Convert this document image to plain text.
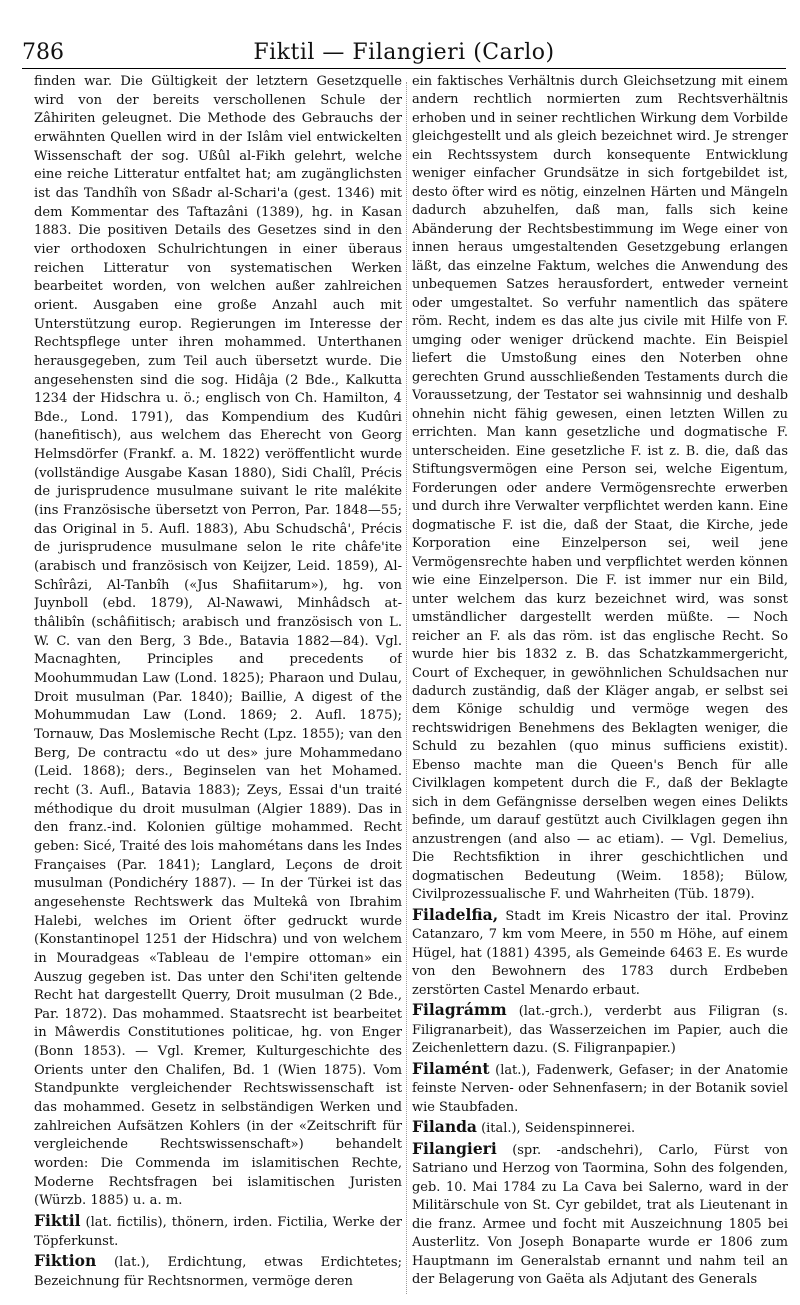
786	Fiktil — Filangieri (Carlo)

finden war. Die Gültigkeit der letztern Gesetzquelle wird von der bereits verschollenen Schule der Zâhiriten geleugnet. Die Methode des Gebrauchs der erwähnten Quellen wird in der Islâm viel entwickelten Wissenschaft der sog. Ußûl al-Fikh gelehrt, welche eine reiche Litteratur entfaltet hat; am zugänglichsten ist das Tandhîh von Sßadr al-Schari'a (gest. 1346) mit dem Kommentar des Taftazâni (1389), hg. in Kasan 1883. Die positiven Details des Gesetzes sind in den vier orthodoxen Schulrichtungen in einer überaus reichen Litteratur von systematischen Werken bearbeitet worden, von welchen außer zahlreichen orient. Ausgaben eine große Anzahl auch mit Unterstützung europ. Regierungen im Interesse der Rechtspflege unter ihren mohammed. Unterthanen herausgegeben, zum Teil auch übersetzt wurde. Die angesehensten sind die sog. Hidâja (2 Bde., Kalkutta 1234 der Hidschra u. ö.; englisch von Ch. Hamilton, 4 Bde., Lond. 1791), das Kompendium des Kudûri (hanefitisch), aus welchem das Eherecht von Georg Helmsdörfer (Frankf. a. M. 1822) veröffentlicht wurde (vollständige Ausgabe Kasan 1880), Sidi Chalîl, Précis de jurisprudence musulmane suivant le rite malékite (ins Französische übersetzt von Perron, Par. 1848—55; das Original in 5. Aufl. 1883), Abu Schudschâ', Précis de jurisprudence musulmane selon le rite châfe'ite (arabisch und französisch von Keijzer, Leid. 1859), Al-Schîrâzi, Al-Tanbîh («Jus Shafiitarum»), hg. von Juynboll (ebd. 1879), Al-Nawawi, Minhâdsch at-thâlibîn (schâfiitisch; arabisch und französisch von L. W. C. van den Berg, 3 Bde., Batavia 1882—84). Vgl. Macnaghten, Principles and precedents of Moohummudan Law (Lond. 1825); Pharaon und Dulau, Droit musulman (Par. 1840); Baillie, A digest of the Mohummudan Law (Lond. 1869; 2. Aufl. 1875); Tornauw, Das Moslemische Recht (Lpz. 1855); van den Berg, De contractu «do ut des» jure Mohammedano (Leid. 1868); ders., Beginselen van het Mohamed. recht (3. Aufl., Batavia 1883); Zeys, Essai d'un traité méthodique du droit musulman (Algier 1889). Das in den franz.-ind. Kolonien gültige mohammed. Recht geben: Sicé, Traité des lois mahométans dans les Indes Françaises (Par. 1841); Langlard, Leçons de droit musulman (Pondichéry 1887). — In der Türkei ist das angesehenste Rechtswerk das Multekâ von Ibrahim Halebi, welches im Orient öfter gedruckt wurde (Konstantinopel 1251 der Hidschra) und von welchem in Mouradgeas «Tableau de l'empire ottoman» ein Auszug gegeben ist. Das unter den Schi'iten geltende Recht hat dargestellt Querry, Droit musulman (2 Bde., Par. 1872). Das mohammed. Staatsrecht ist bearbeitet in Mâwerdis Constitutiones politicae, hg. von Enger (Bonn 1853). — Vgl. Kremer, Kulturgeschichte des Orients unter den Chalifen, Bd. 1 (Wien 1875). Vom Standpunkte vergleichender Rechtswissenschaft ist das mohammed. Gesetz in selbständigen Werken und zahlreichen Aufsätzen Kohlers (in der «Zeitschrift für vergleichende Rechtswissenschaft») behandelt worden: Die Commenda im islamitischen Rechte, Moderne Rechtsfragen bei islamitischen Juristen (Würzb. 1885) u. a. m.

Fiktil (lat. fictilis), thönern, irden. Fictilia, Werke der Töpferkunst.

Fiktion (lat.), Erdichtung, etwas Erdichtetes; Bezeichnung für Rechtsnormen, vermöge deren

ein faktisches Verhältnis durch Gleichsetzung mit einem andern rechtlich normierten zum Rechtsverhältnis erhoben und in seiner rechtlichen Wirkung dem Vorbilde gleichgestellt und als gleich bezeichnet wird. Je strenger ein Rechtssystem durch konsequente Entwicklung weniger einfacher Grundsätze in sich fortgebildet ist, desto öfter wird es nötig, einzelnen Härten und Mängeln dadurch abzuhelfen, daß man, falls sich keine Abänderung der Rechtsbestimmung im Wege einer von innen heraus umgestaltenden Gesetzgebung erlangen läßt, das einzelne Faktum, welches die Anwendung des unbequemen Satzes herausfordert, entweder verneint oder umgestaltet. So verfuhr namentlich das spätere röm. Recht, indem es das alte jus civile mit Hilfe von F. umging oder weniger drückend machte. Ein Beispiel liefert die Umstoßung eines den Noterben ohne gerechten Grund ausschließenden Testaments durch die Voraussetzung, der Testator sei wahnsinnig und deshalb ohnehin nicht fähig gewesen, einen letzten Willen zu errichten. Man kann gesetzliche und dogmatische F. unterscheiden. Eine gesetzliche F. ist z. B. die, daß das Stiftungsvermögen eine Person sei, welche Eigentum, Forderungen oder andere Vermögensrechte erwerben und durch ihre Verwalter verpflichtet werden kann. Eine dogmatische F. ist die, daß der Staat, die Kirche, jede Korporation eine Einzelperson sei, weil jene Vermögensrechte haben und verpflichtet werden können wie eine Einzelperson. Die F. ist immer nur ein Bild, unter welchem das kurz bezeichnet wird, was sonst umständlicher dargestellt werden müßte. — Noch reicher an F. als das röm. ist das englische Recht. So wurde hier bis 1832 z. B. das Schatzkammergericht, Court of Exchequer, in gewöhnlichen Schuldsachen nur dadurch zuständig, daß der Kläger angab, er selbst sei dem Könige schuldig und vermöge wegen des rechtswidrigen Benehmens des Beklagten weniger, die Schuld zu bezahlen (quo minus sufficiens existit). Ebenso machte man die Queen's Bench für alle Civilklagen kompetent durch die F., daß der Beklagte sich in dem Gefängnisse derselben wegen eines Delikts befinde, um darauf gestützt auch Civilklagen gegen ihn anzustrengen (and also — ac etiam). — Vgl. Demelius, Die Rechtsfiktion in ihrer geschichtlichen und dogmatischen Bedeutung (Weim. 1858); Bülow, Civilprozessualische F. und Wahrheiten (Tüb. 1879).

Filadelfia, Stadt im Kreis Nicastro der ital. Provinz Catanzaro, 7 km vom Meere, in 550 m Höhe, auf einem Hügel, hat (1881) 4395, als Gemeinde 6463 E. Es wurde von den Bewohnern des 1783 durch Erdbeben zerstörten Castel Menardo erbaut.

Filagrámm (lat.-grch.), verderbt aus Filigran (s. Filigranarbeit), das Wasserzeichen im Papier, auch die Zeichenlettern dazu. (S. Filigranpapier.)

Filamént (lat.), Fadenwerk, Gefaser; in der Anatomie feinste Nerven- oder Sehnenfasern; in der Botanik soviel wie Staubfaden.

Filanda (ital.), Seidenspinnerei.

Filangieri (spr. -andschehri), Carlo, Fürst von Satriano und Herzog von Taormina, Sohn des folgenden, geb. 10. Mai 1784 zu La Cava bei Salerno, ward in der Militärschule von St. Cyr gebildet, trat als Lieutenant in die franz. Armee und focht mit Auszeichnung 1805 bei Austerlitz. Von Joseph Bonaparte wurde er 1806 zum Hauptmann im Generalstab ernannt und nahm teil an der Belagerung von Gaëta als Adjutant des Generals
